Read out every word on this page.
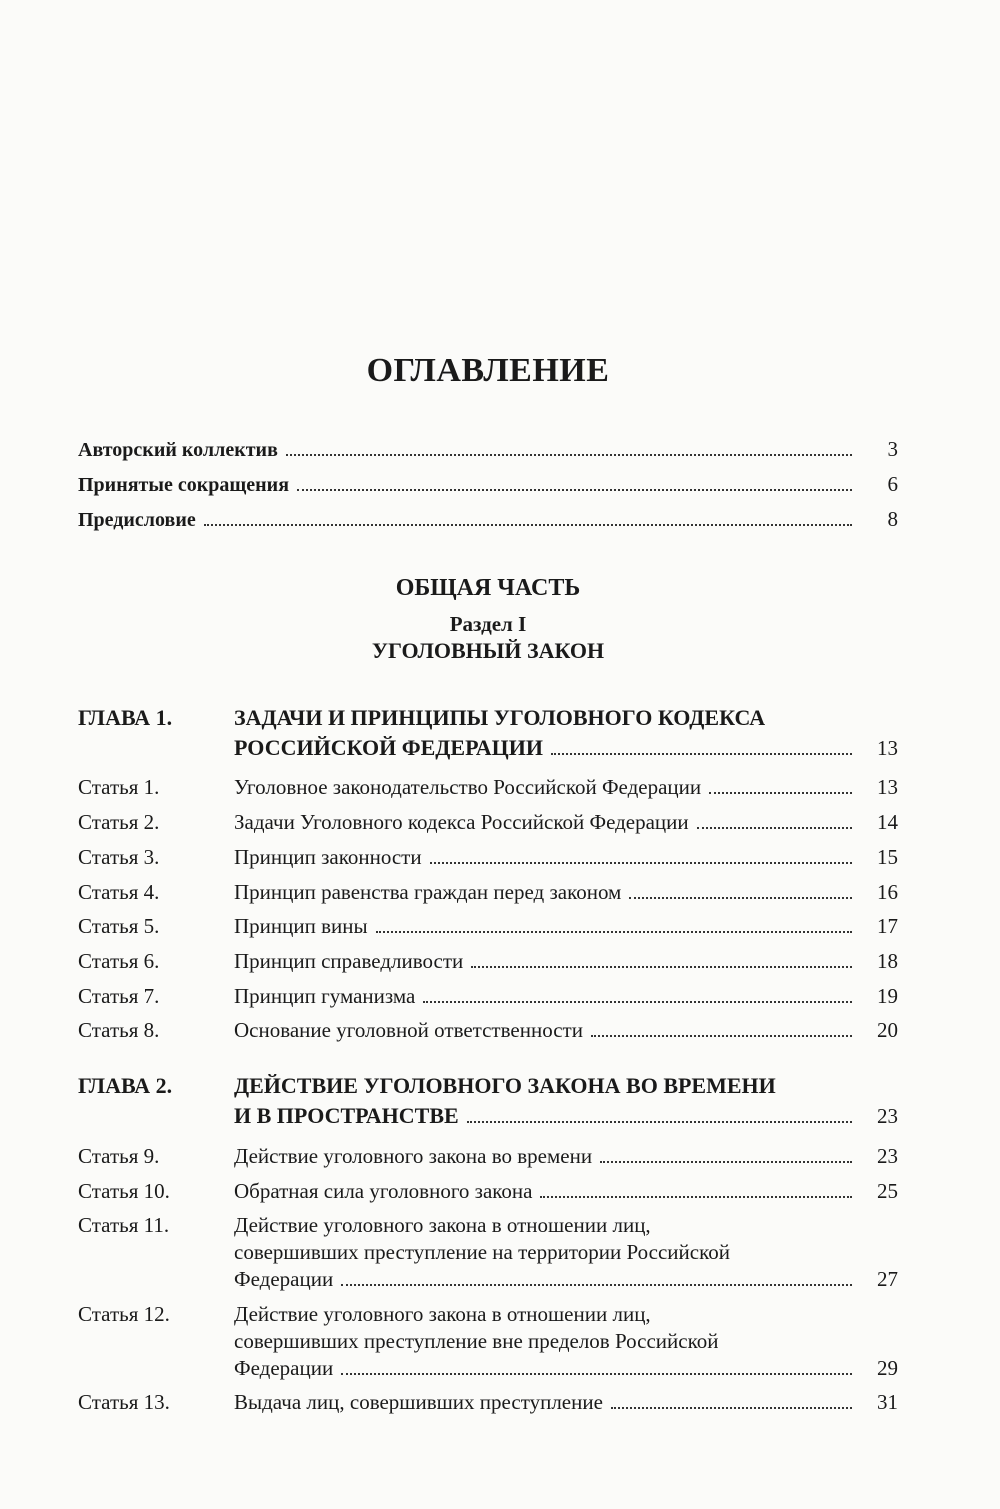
ОГЛАВЛЕНИЕ
Авторский коллектив	3
Принятые сокращения	6
Предисловие	8
ОБЩАЯ ЧАСТЬ
Раздел I
УГОЛОВНЫЙ ЗАКОН
ГЛАВА 1.	ЗАДАЧИ И ПРИНЦИПЫ УГОЛОВНОГО КОДЕКСА
РОССИЙСКОЙ ФЕДЕРАЦИИ	13
Статья 1.	Уголовное законодательство Российской Федерации	13
Статья 2.	Задачи Уголовного кодекса Российской Федерации	14
Статья 3.	Принцип законности	15
Статья 4.	Принцип равенства граждан перед законом	16
Статья 5.	Принцип вины	17
Статья 6.	Принцип справедливости	18
Статья 7.	Принцип гуманизма	19
Статья 8.	Основание уголовной ответственности	20
ГЛАВА 2.	ДЕЙСТВИЕ УГОЛОВНОГО ЗАКОНА ВО ВРЕМЕНИ
И В ПРОСТРАНСТВЕ	23
Статья 9.	Действие уголовного закона во времени	23
Статья 10.	Обратная сила уголовного закона	25
Статья 11.	Действие уголовного закона в отношении лиц,
совершивших преступление на территории Российской
Федерации	27
Статья 12.	Действие уголовного закона в отношении лиц,
совершивших преступление вне пределов Российской
Федерации	29
Статья 13.	Выдача лиц, совершивших преступление	31
